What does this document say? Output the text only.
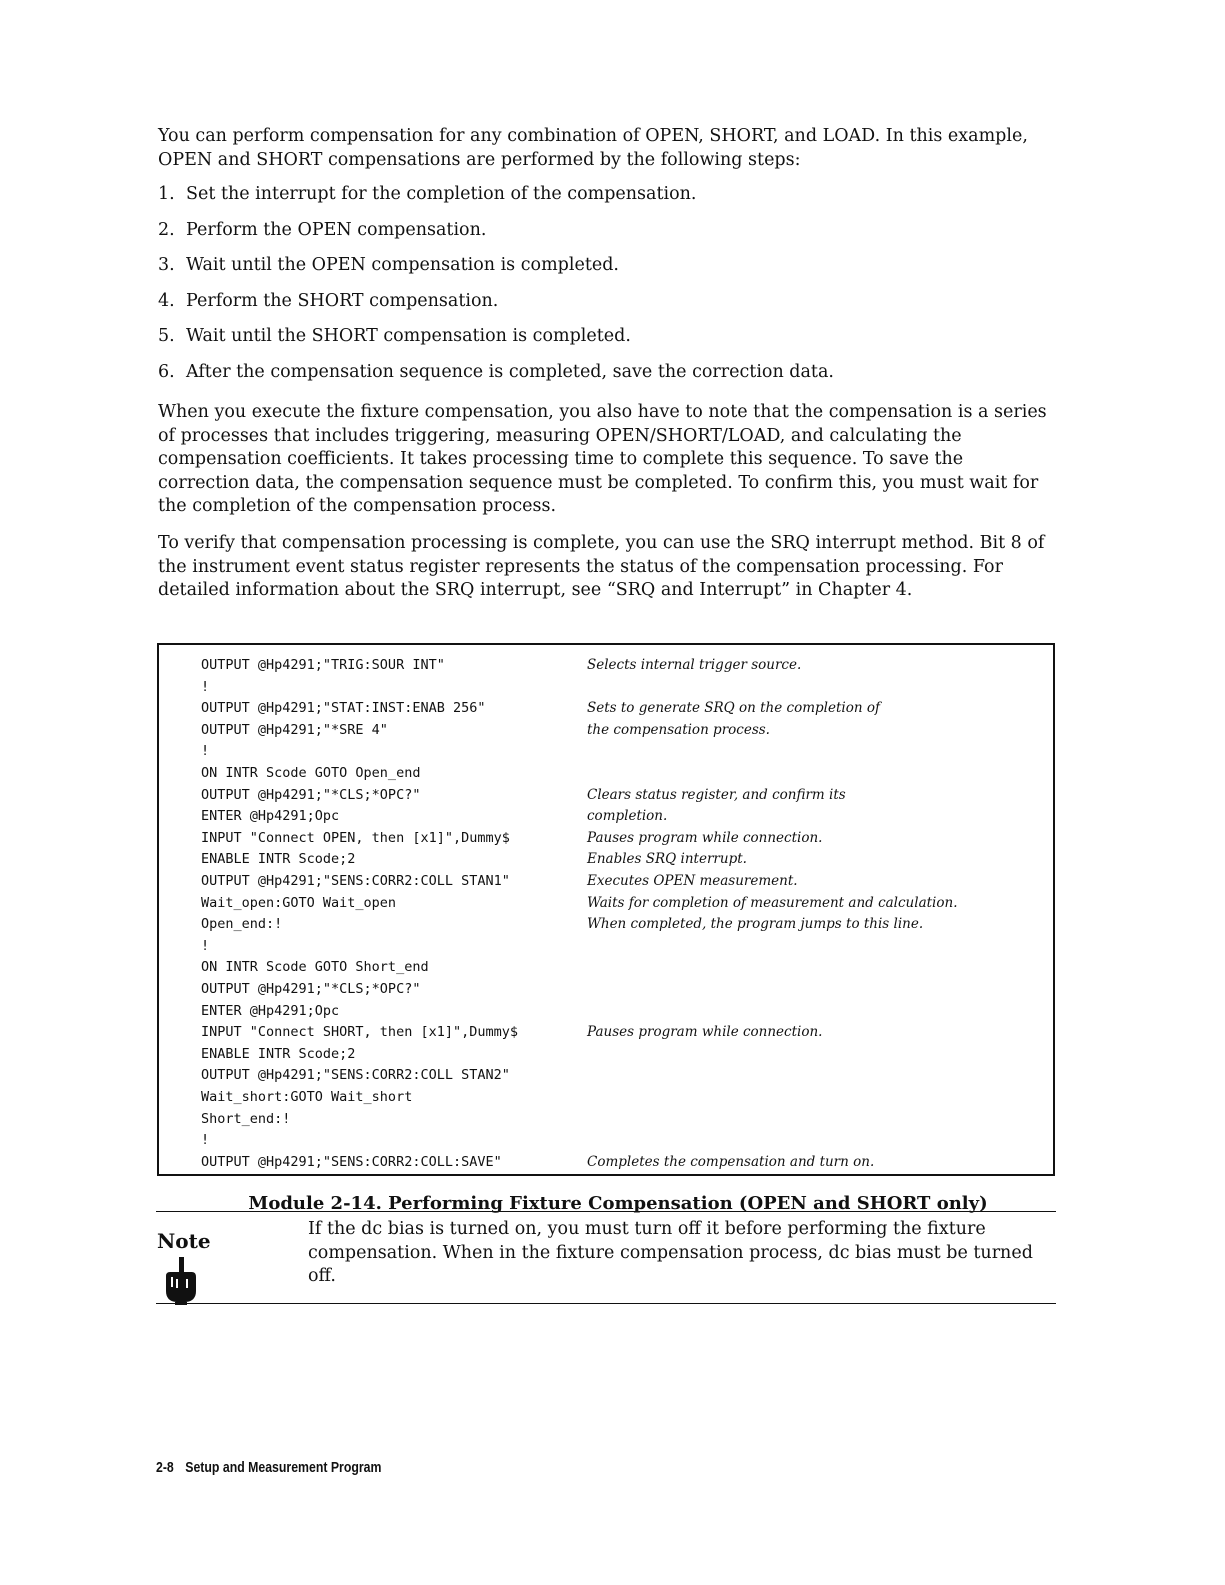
You can perform compensation for any combination of OPEN, SHORT, and LOAD. In this example, OPEN and SHORT compensations are performed by the following steps:

1. Set the interrupt for the completion of the compensation.
2. Perform the OPEN compensation.
3. Wait until the OPEN compensation is completed.
4. Perform the SHORT compensation.
5. Wait until the SHORT compensation is completed.
6. After the compensation sequence is completed, save the correction data.

When you execute the fixture compensation, you also have to note that the compensation is a series of processes that includes triggering, measuring OPEN/SHORT/LOAD, and calculating the compensation coefficients. It takes processing time to complete this sequence. To save the correction data, the compensation sequence must be completed. To confirm this, you must wait for the completion of the compensation process.

To verify that compensation processing is complete, you can use the SRQ interrupt method. Bit 8 of the instrument event status register represents the status of the compensation processing. For detailed information about the SRQ interrupt, see “SRQ and Interrupt” in Chapter 4.

OUTPUT @Hp4291;"TRIG:SOUR INT"
!
OUTPUT @Hp4291;"STAT:INST:ENAB 256"
OUTPUT @Hp4291;"*SRE 4"
!
ON INTR Scode GOTO Open_end
OUTPUT @Hp4291;"*CLS;*OPC?"
ENTER @Hp4291;Opc
INPUT "Connect OPEN, then [x1]",Dummy$
ENABLE INTR Scode;2
OUTPUT @Hp4291;"SENS:CORR2:COLL STAN1"
Wait_open:GOTO Wait_open
Open_end:!
!
ON INTR Scode GOTO Short_end
OUTPUT @Hp4291;"*CLS;*OPC?"
ENTER @Hp4291;Opc
INPUT "Connect SHORT, then [x1]",Dummy$
ENABLE INTR Scode;2
OUTPUT @Hp4291;"SENS:CORR2:COLL STAN2"
Wait_short:GOTO Wait_short
Short_end:!
!
OUTPUT @Hp4291;"SENS:CORR2:COLL:SAVE"
Selects internal trigger source.
Sets to generate SRQ on the completion of
the compensation process.
Clears status register, and confirm its
completion.
Pauses program while connection.
Enables SRQ interrupt.
Executes OPEN measurement.
Waits for completion of measurement and calculation.
When completed, the program jumps to this line.
Pauses program while connection.
Completes the compensation and turn on.

Module 2-14. Performing Fixture Compensation (OPEN and SHORT only)

Note	If the dc bias is turned on, you must turn off it before performing the fixture compensation. When in the fixture compensation process, dc bias must be turned off.

2-8 Setup and Measurement Program
